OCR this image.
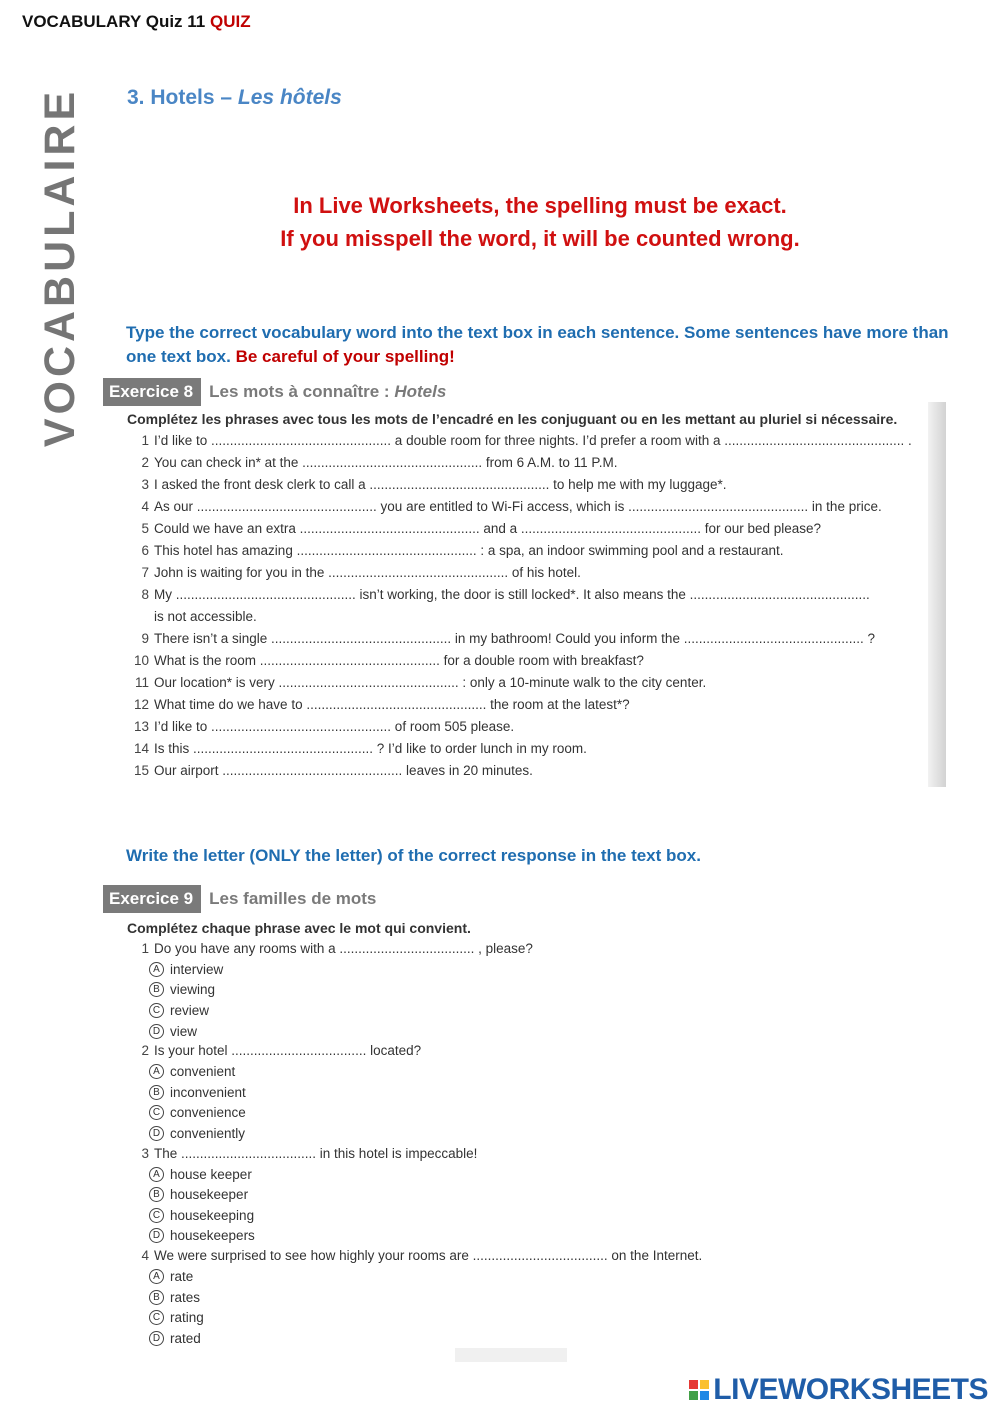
VOCABULARY Quiz 11 QUIZ
VOCABULAIRE 3. Hotels – Les hôtels
In Live Worksheets, the spelling must be exact.
If you misspell the word, it will be counted wrong.
Type the correct vocabulary word into the text box in each sentence. Some sentences have more than one text box. Be careful of your spelling!
Exercice 8 Les mots à connaître : Hotels
Complétez les phrases avec tous les mots de l’encadré en les conjuguant ou en les mettant au pluriel si nécessaire.
1 I’d like to ................................................ a double room for three nights. I’d prefer a room with a ................................................ .
2 You can check in* at the ................................................ from 6 A.M. to 11 P.M.
3 I asked the front desk clerk to call a ................................................ to help me with my luggage*.
4 As our ................................................ you are entitled to Wi-Fi access, which is ................................................ in the price.
5 Could we have an extra ................................................ and a ................................................ for our bed please?
6 This hotel has amazing ................................................ : a spa, an indoor swimming pool and a restaurant.
7 John is waiting for you in the ................................................ of his hotel.
8 My ................................................ isn’t working, the door is still locked*. It also means the ................................................
is not accessible.
9 There isn’t a single ................................................ in my bathroom! Could you inform the ................................................ ?
10 What is the room ................................................ for a double room with breakfast?
11 Our location* is very ................................................ : only a 10-minute walk to the city center.
12 What time do we have to ................................................ the room at the latest*?
13 I’d like to ................................................ of room 505 please.
14 Is this ................................................ ? I’d like to order lunch in my room.
15 Our airport ................................................ leaves in 20 minutes.
Write the letter (ONLY the letter) of the correct response in the text box.
Exercice 9 Les familles de mots
Complétez chaque phrase avec le mot qui convient.
1 Do you have any rooms with a .................................... , please?
A interview
B viewing
C review
D view
2 Is your hotel .................................... located?
A convenient
B inconvenient
C convenience
D conveniently
3 The .................................... in this hotel is impeccable!
A house keeper
B housekeeper
C housekeeping
D housekeepers
4 We were surprised to see how highly your rooms are .................................... on the Internet.
A rate
B rates
C rating
D rated
LIVEWORKSHEETS
